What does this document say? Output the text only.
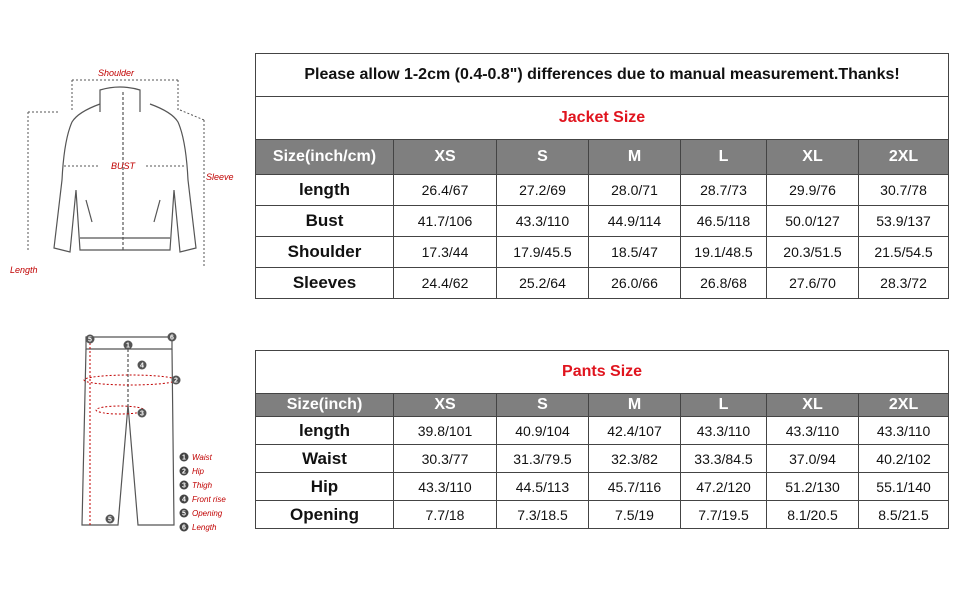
Shoulder
BUST
Sleeve
Length
5	6
1
4
2
3
5
1 Waist
2 Hip
3 Thigh
4 Front rise
5 Opening
6 Length
Please allow 1-2cm (0.4-0.8") differences due to manual measurement.Thanks!						
Jacket Size						
Size(inch/cm)	XS	S	M	L	XL	2XL
length	26.4/67	27.2/69	28.0/71	28.7/73	29.9/76	30.7/78
Bust	41.7/106	43.3/110	44.9/114	46.5/118	50.0/127	53.9/137
Shoulder	17.3/44	17.9/45.5	18.5/47	19.1/48.5	20.3/51.5	21.5/54.5
Sleeves	24.4/62	25.2/64	26.0/66	26.8/68	27.6/70	28.3/72
Pants Size						
Size(inch)	XS	S	M	L	XL	2XL
length	39.8/101	40.9/104	42.4/107	43.3/110	43.3/110	43.3/110
Waist	30.3/77	31.3/79.5	32.3/82	33.3/84.5	37.0/94	40.2/102
Hip	43.3/110	44.5/113	45.7/116	47.2/120	51.2/130	55.1/140
Opening	7.7/18	7.3/18.5	7.5/19	7.7/19.5	8.1/20.5	8.5/21.5
